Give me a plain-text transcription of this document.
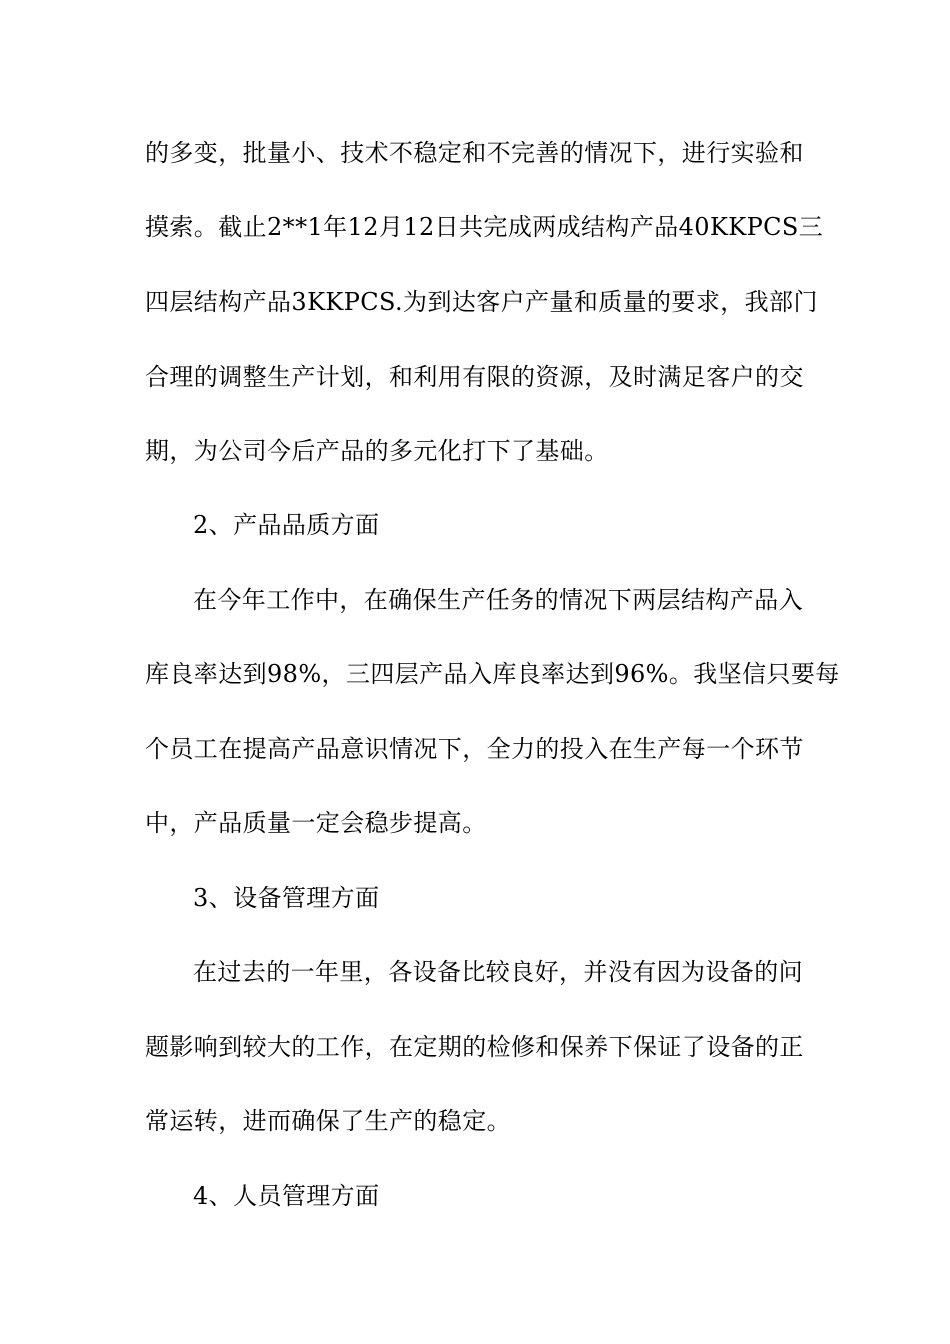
的多变，批量小、技术不稳定和不完善的情况下，进行实验和
摸索。截止2**1年12月12日共完成两成结构产品40KKPCS三
四层结构产品3KKPCS.为到达客户产量和质量的要求，我部门
合理的调整生产计划，和利用有限的资源，及时满足客户的交
期，为公司今后产品的多元化打下了基础。
2、产品品质方面
在今年工作中，在确保生产任务的情况下两层结构产品入
库良率达到98%，三四层产品入库良率达到96%。我坚信只要每
个员工在提高产品意识情况下，全力的投入在生产每一个环节
中，产品质量一定会稳步提高。
3、设备管理方面
在过去的一年里，各设备比较良好，并没有因为设备的问
题影响到较大的工作，在定期的检修和保养下保证了设备的正
常运转，进而确保了生产的稳定。
4、人员管理方面
